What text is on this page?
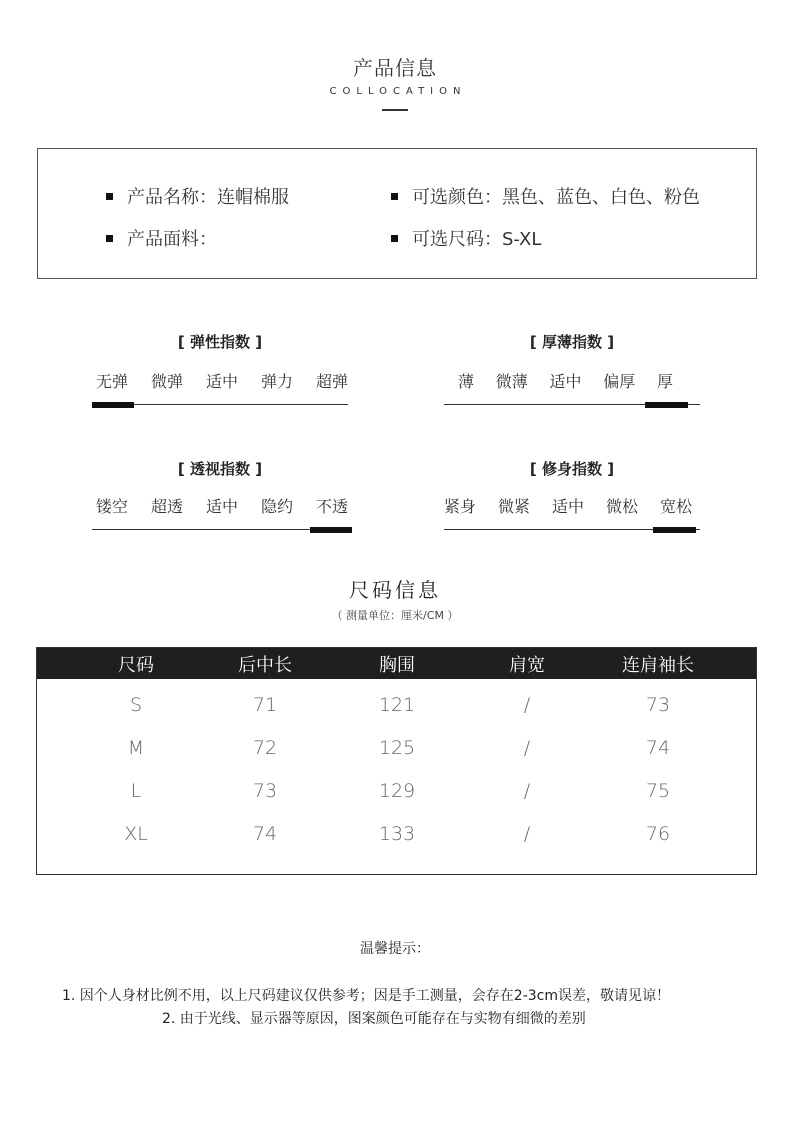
产品信息
COLLOCATION
产品名称：连帽棉服
产品面料：
可选颜色：黑色、蓝色、白色、粉色
可选尺码：S-XL
[ 弹性指数 ]
无弹 微弹 适中 弹力 超弹
[ 厚薄指数 ]
薄 微薄 适中 偏厚 厚
[ 透视指数 ]
镂空 超透 适中 隐约 不透
[ 修身指数 ]
紧身 微紧 适中 微松 宽松
尺码信息
（ 测量单位：厘米/CM ）
尺码	后中长	胸围	肩宽	连肩袖长
S	71	121	/	73
M	72	125	/	74
L	73	129	/	75
XL	74	133	/	76
温馨提示：
1. 因个人身材比例不用，以上尺码建议仅供参考；因是手工测量，会存在2-3cm误差，敬请见谅！
2. 由于光线、显示器等原因，图案颜色可能存在与实物有细微的差别
